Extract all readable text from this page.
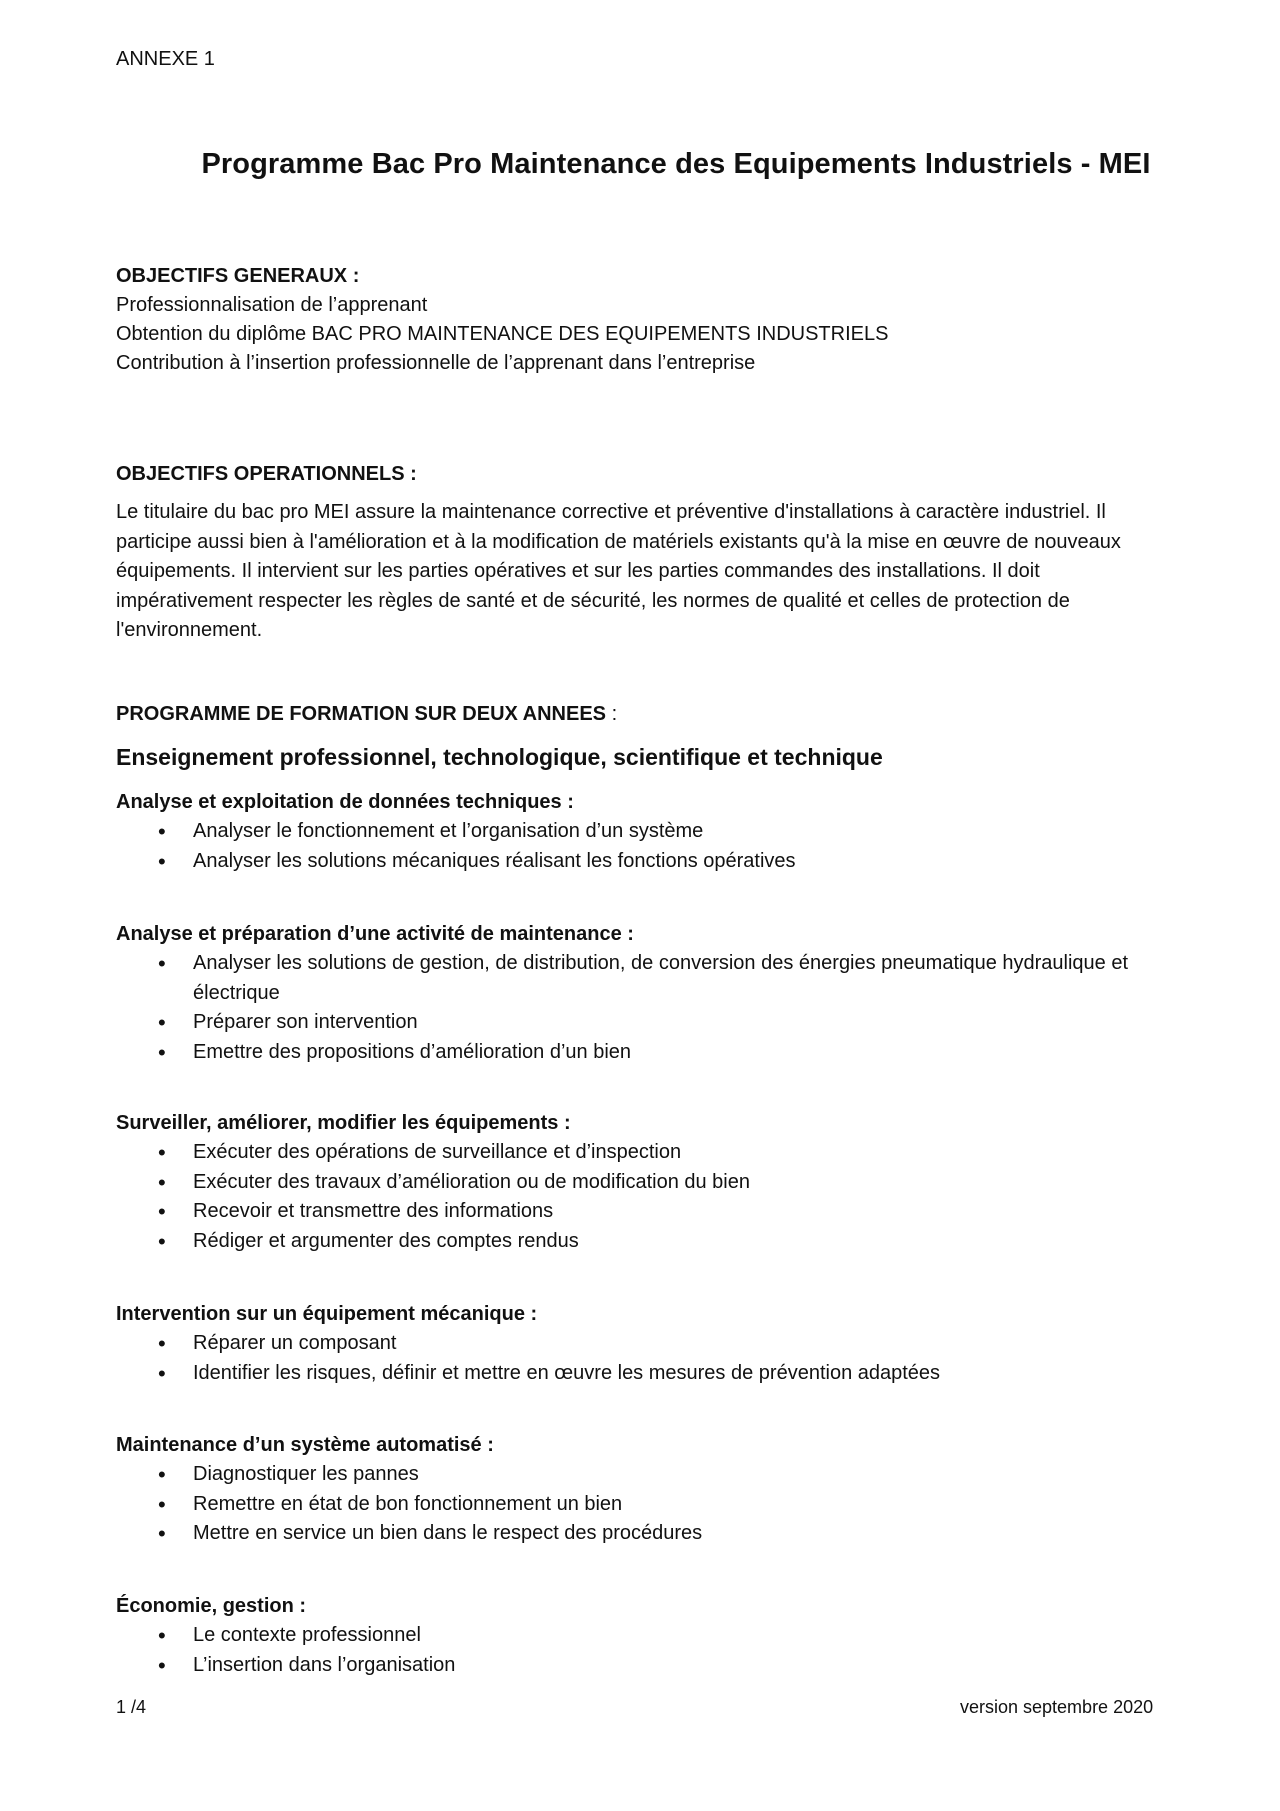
ANNEXE 1
Programme Bac Pro Maintenance des Equipements Industriels - MEI
OBJECTIFS GENERAUX :
Professionnalisation de l’apprenant
Obtention du diplôme BAC PRO MAINTENANCE DES EQUIPEMENTS INDUSTRIELS
Contribution à l’insertion professionnelle de l’apprenant dans l’entreprise
OBJECTIFS OPERATIONNELS :
Le titulaire du bac pro MEI assure la maintenance corrective et préventive d'installations à caractère industriel. Il
participe aussi bien à l'amélioration et à la modification de matériels existants qu'à la mise en œuvre de nouveaux
équipements. Il intervient sur les parties opératives et sur les parties commandes des installations. Il doit
impérativement respecter les règles de santé et de sécurité, les normes de qualité et celles de protection de
l'environnement.
PROGRAMME DE FORMATION SUR DEUX ANNEES :
Enseignement professionnel, technologique, scientifique et technique
Analyse et exploitation de données techniques :
• Analyser le fonctionnement et l’organisation d’un système
• Analyser les solutions mécaniques réalisant les fonctions opératives
Analyse et préparation d’une activité de maintenance :
• Analyser les solutions de gestion, de distribution, de conversion des énergies pneumatique hydraulique et électrique
• Préparer son intervention
• Emettre des propositions d’amélioration d’un bien
Surveiller, améliorer, modifier les équipements :
• Exécuter des opérations de surveillance et d’inspection
• Exécuter des travaux d’amélioration ou de modification du bien
• Recevoir et transmettre des informations
• Rédiger et argumenter des comptes rendus
Intervention sur un équipement mécanique :
• Réparer un composant
• Identifier les risques, définir et mettre en œuvre les mesures de prévention adaptées
Maintenance d’un système automatisé :
• Diagnostiquer les pannes
• Remettre en état de bon fonctionnement un bien
• Mettre en service un bien dans le respect des procédures
Économie, gestion :
• Le contexte professionnel
• L’insertion dans l’organisation
1 /4	version septembre 2020
